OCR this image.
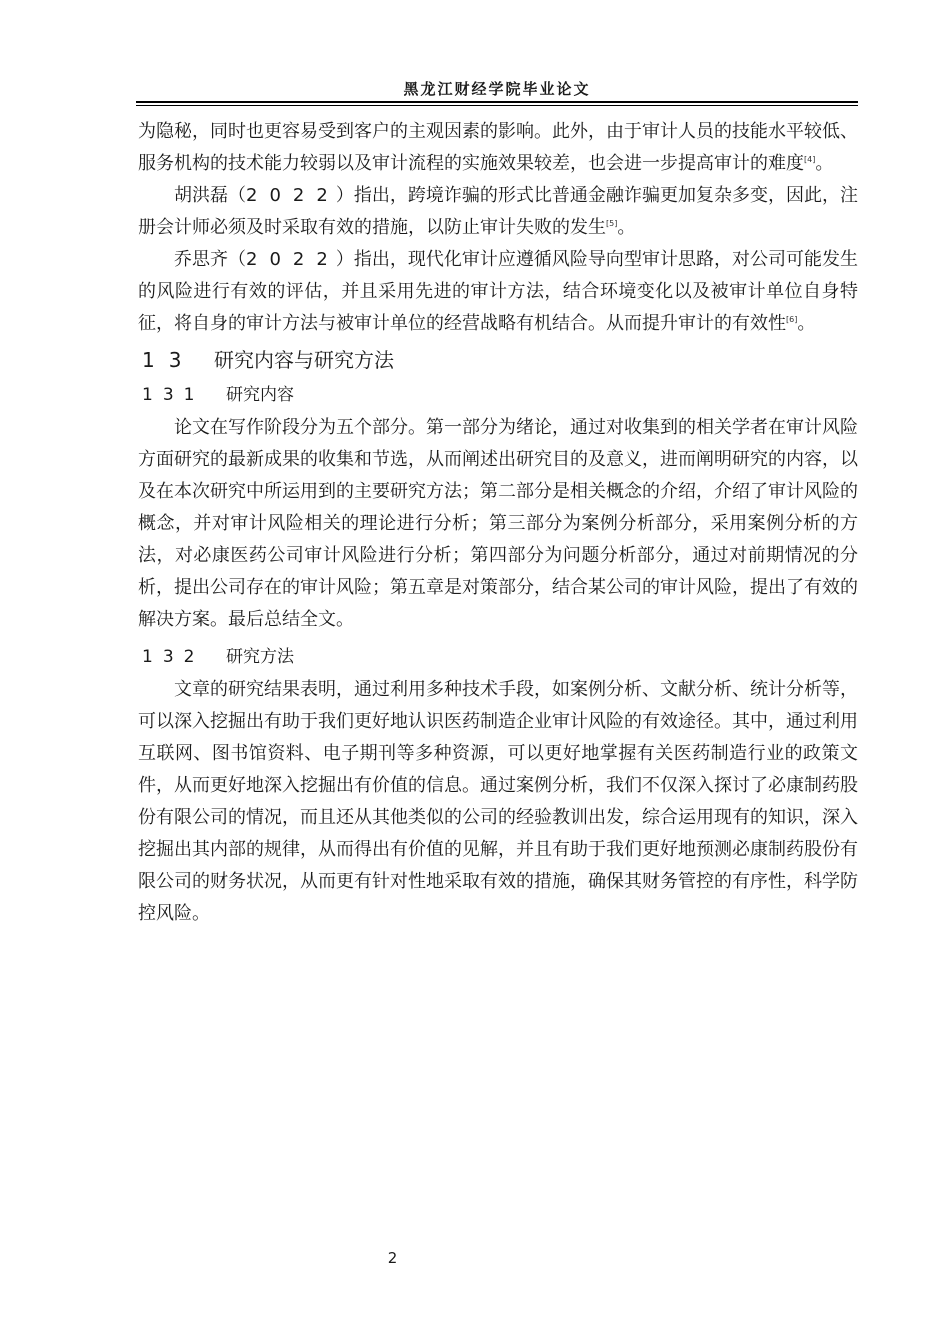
黑龙江财经学院毕业论文

为隐秘，同时也更容易受到客户的主观因素的影响。此外，由于审计人员的技能水平较低、服务机构的技术能力较弱以及审计流程的实施效果较差，也会进一步提高审计的难度[4]。

胡洪磊（2022）指出，跨境诈骗的形式比普通金融诈骗更加复杂多变，因此，注册会计师必须及时采取有效的措施，以防止审计失败的发生[5]。

乔思齐（2022）指出，现代化审计应遵循风险导向型审计思路，对公司可能发生的风险进行有效的评估，并且采用先进的审计方法，结合环境变化以及被审计单位自身特征，将自身的审计方法与被审计单位的经营战略有机结合。从而提升审计的有效性[6]。

13 研究内容与研究方法
131 研究内容

论文在写作阶段分为五个部分。第一部分为绪论，通过对收集到的相关学者在审计风险方面研究的最新成果的收集和节选，从而阐述出研究目的及意义，进而阐明研究的内容，以及在本次研究中所运用到的主要研究方法；第二部分是相关概念的介绍，介绍了审计风险的概念，并对审计风险相关的理论进行分析；第三部分为案例分析部分，采用案例分析的方法，对必康医药公司审计风险进行分析；第四部分为问题分析部分，通过对前期情况的分析，提出公司存在的审计风险；第五章是对策部分，结合某公司的审计风险，提出了有效的解决方案。最后总结全文。

132 研究方法

文章的研究结果表明，通过利用多种技术手段，如案例分析、文献分析、统计分析等，可以深入挖掘出有助于我们更好地认识医药制造企业审计风险的有效途径。其中，通过利用互联网、图书馆资料、电子期刊等多种资源，可以更好地掌握有关医药制造行业的政策文件，从而更好地深入挖掘出有价值的信息。通过案例分析，我们不仅深入探讨了必康制药股份有限公司的情况，而且还从其他类似的公司的经验教训出发，综合运用现有的知识，深入挖掘出其内部的规律，从而得出有价值的见解，并且有助于我们更好地预测必康制药股份有限公司的财务状况，从而更有针对性地采取有效的措施，确保其财务管控的有序性，科学防控风险。

2
